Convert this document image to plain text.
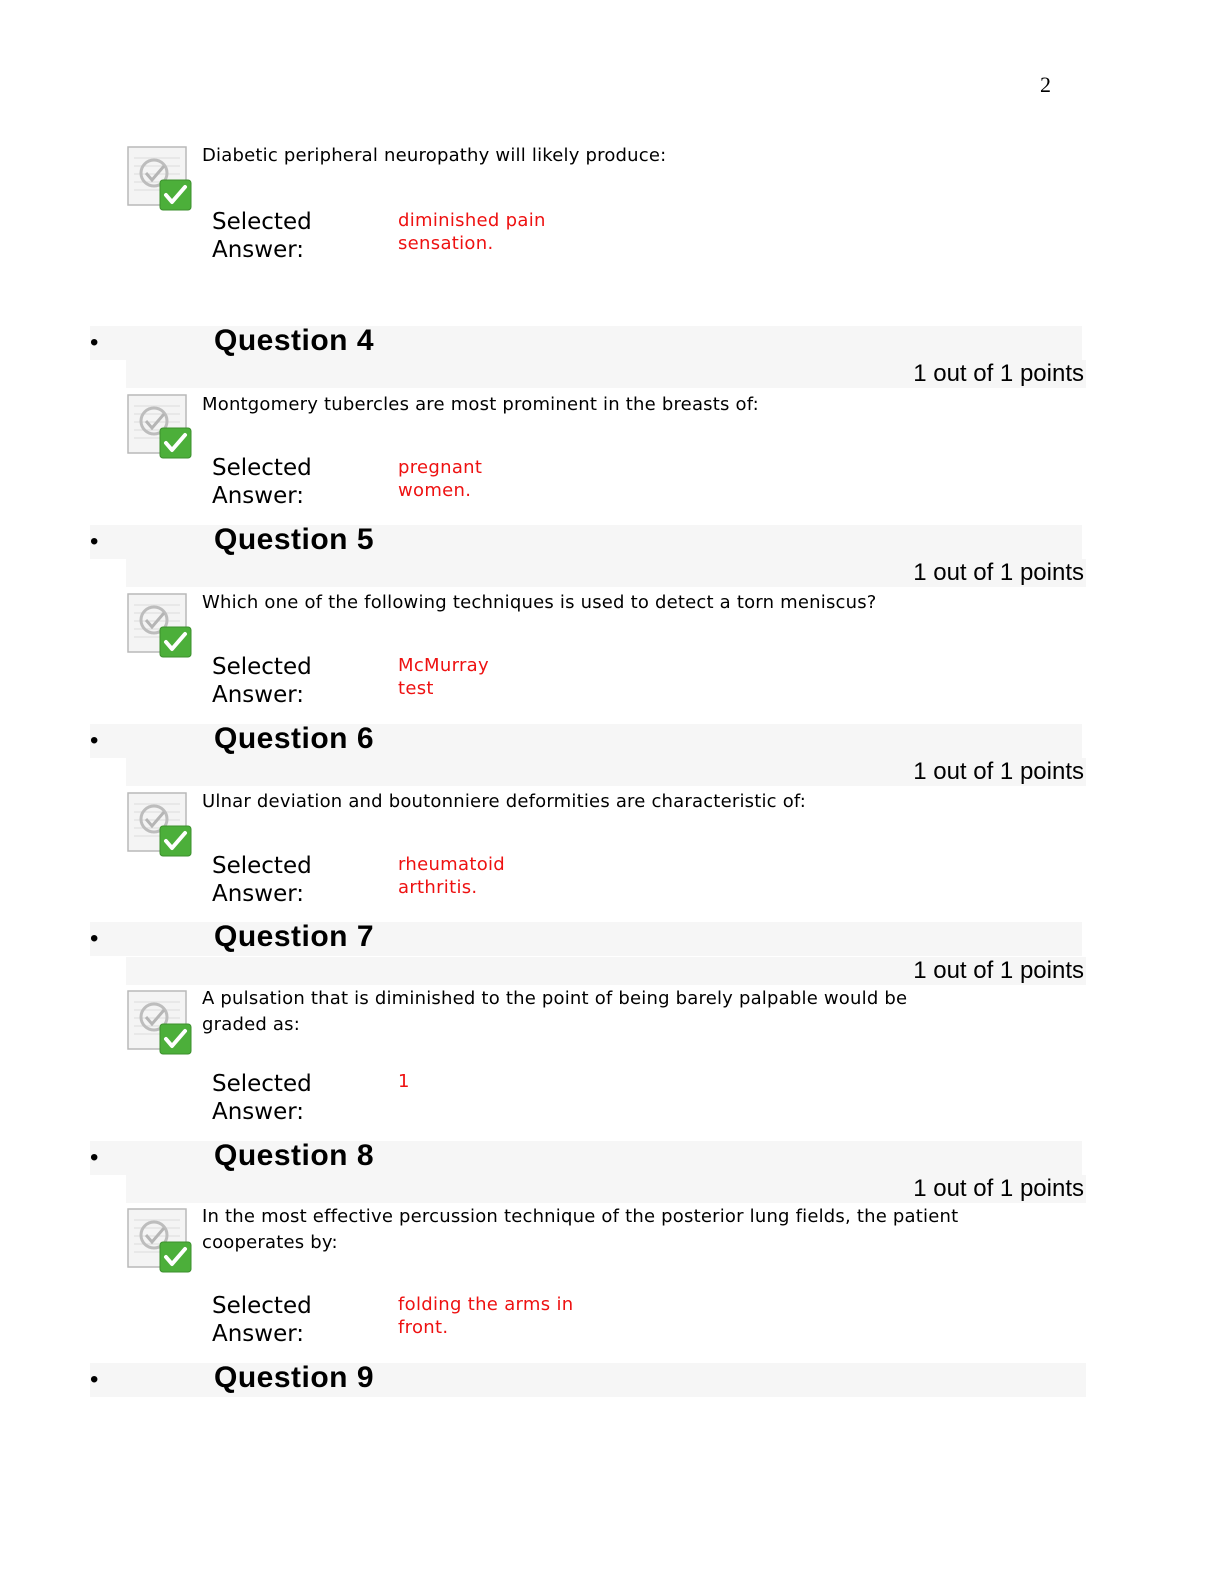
2
Diabetic peripheral neuropathy will likely produce:
Selected
Answer:
diminished pain
sensation.
•	Question 4
1 out of 1 points
Montgomery tubercles are most prominent in the breasts of:
Selected
Answer:
pregnant
women.
•	Question 5
1 out of 1 points
Which one of the following techniques is used to detect a torn meniscus?
Selected
Answer:
McMurray
test
•	Question 6
1 out of 1 points
Ulnar deviation and boutonniere deformities are characteristic of:
Selected
Answer:
rheumatoid
arthritis.
•	Question 7
1 out of 1 points
A pulsation that is diminished to the point of being barely palpable would be
graded as:
Selected
Answer:
1
•	Question 8
1 out of 1 points
In the most effective percussion technique of the posterior lung fields, the patient
cooperates by:
Selected
Answer:
folding the arms in
front.
•	Question 9
